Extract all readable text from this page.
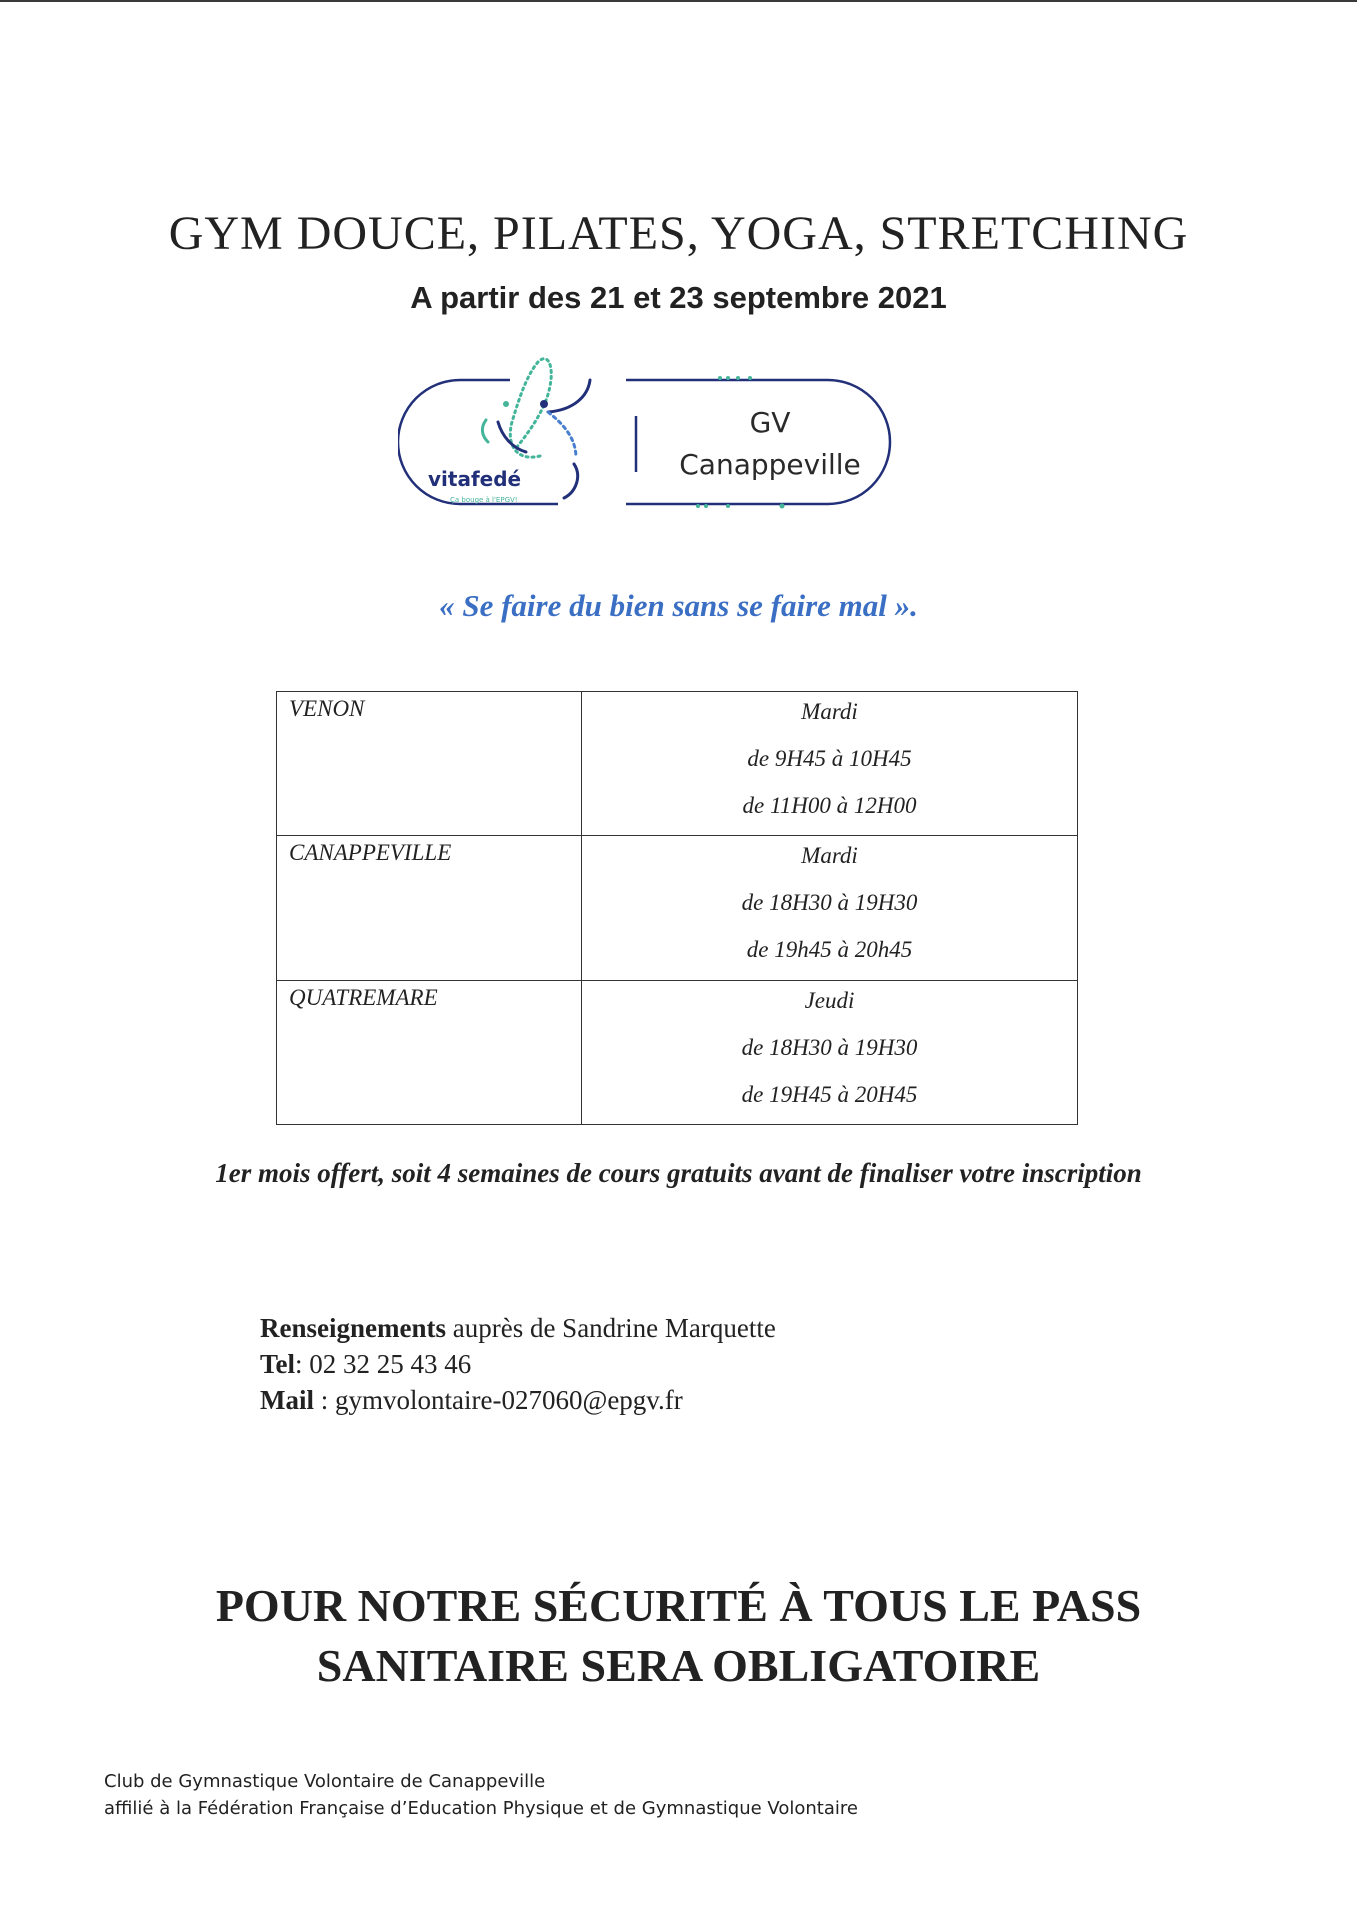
GYM DOUCE, PILATES, YOGA, STRETCHING
A partir des 21 et 23 septembre 2021
vitafedé
Ça bouge à l'EPGV!
GV
Canappeville
« Se faire du bien sans se faire mal ».
VENON	Mardi
de 9H45 à 10H45
de 11H00 à 12H00

CANAPPEVILLE	Mardi
de 18H30 à 19H30
de 19h45 à 20h45

QUATREMARE	Jeudi
de 18H30 à 19H30
de 19H45 à 20H45
1er mois offert, soit 4 semaines de cours gratuits avant de finaliser votre inscription
Renseignements auprès de Sandrine Marquette
Tel: 02 32 25 43 46
Mail : gymvolontaire-027060@epgv.fr
POUR NOTRE SÉCURITÉ À TOUS LE PASS
SANITAIRE SERA OBLIGATOIRE
Club de Gymnastique Volontaire de Canappeville
affilié à la Fédération Française d’Education Physique et de Gymnastique Volontaire
